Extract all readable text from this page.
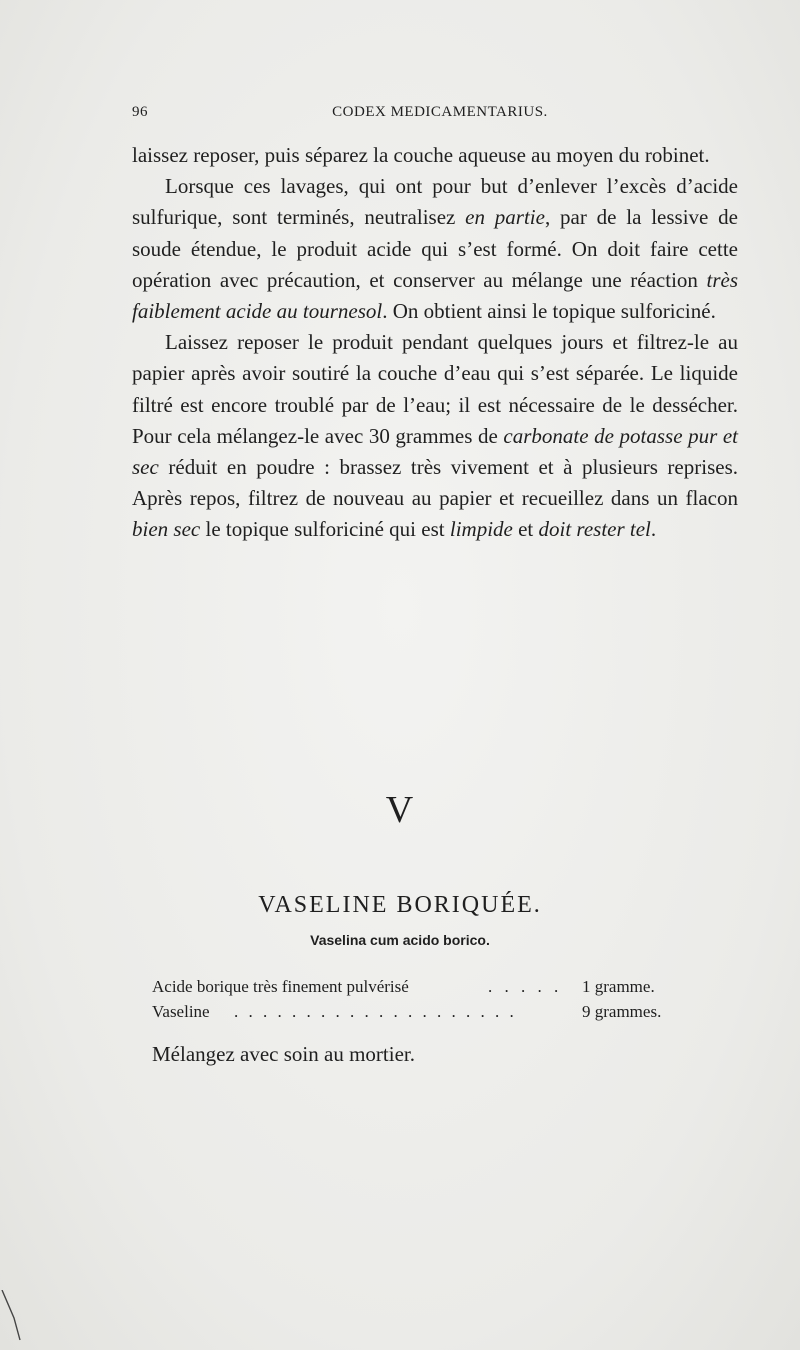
96	CODEX MEDICAMENTARIUS.

laissez reposer, puis séparez la couche aqueuse au moyen du robinet.

Lorsque ces lavages, qui ont pour but d’enlever l’excès d’acide sulfurique, sont terminés, neutralisez en partie, par de la lessive de soude étendue, le produit acide qui s’est formé. On doit faire cette opération avec précaution, et conserver au mélange une réaction très faiblement acide au tournesol. On obtient ainsi le topique sulforiciné.

Laissez reposer le produit pendant quelques jours et filtrez-le au papier après avoir soutiré la couche d’eau qui s’est séparée. Le liquide filtré est encore troublé par de l’eau; il est nécessaire de le dessécher. Pour cela mélangez-le avec 30 grammes de carbonate de potasse pur et sec réduit en poudre : brassez très vivement et à plusieurs reprises. Après repos, filtrez de nouveau au papier et recueillez dans un flacon bien sec le topique sulforiciné qui est limpide et doit rester tel.

V
VASELINE BORIQUÉE.
Vaselina cum acido borico.
Acide borique très finement pulvérisé	. . . . . 1 gramme.
Vaseline . . . . . . . . . . . . . . . . . . . .	9 grammes.
Mélangez avec soin au mortier.
